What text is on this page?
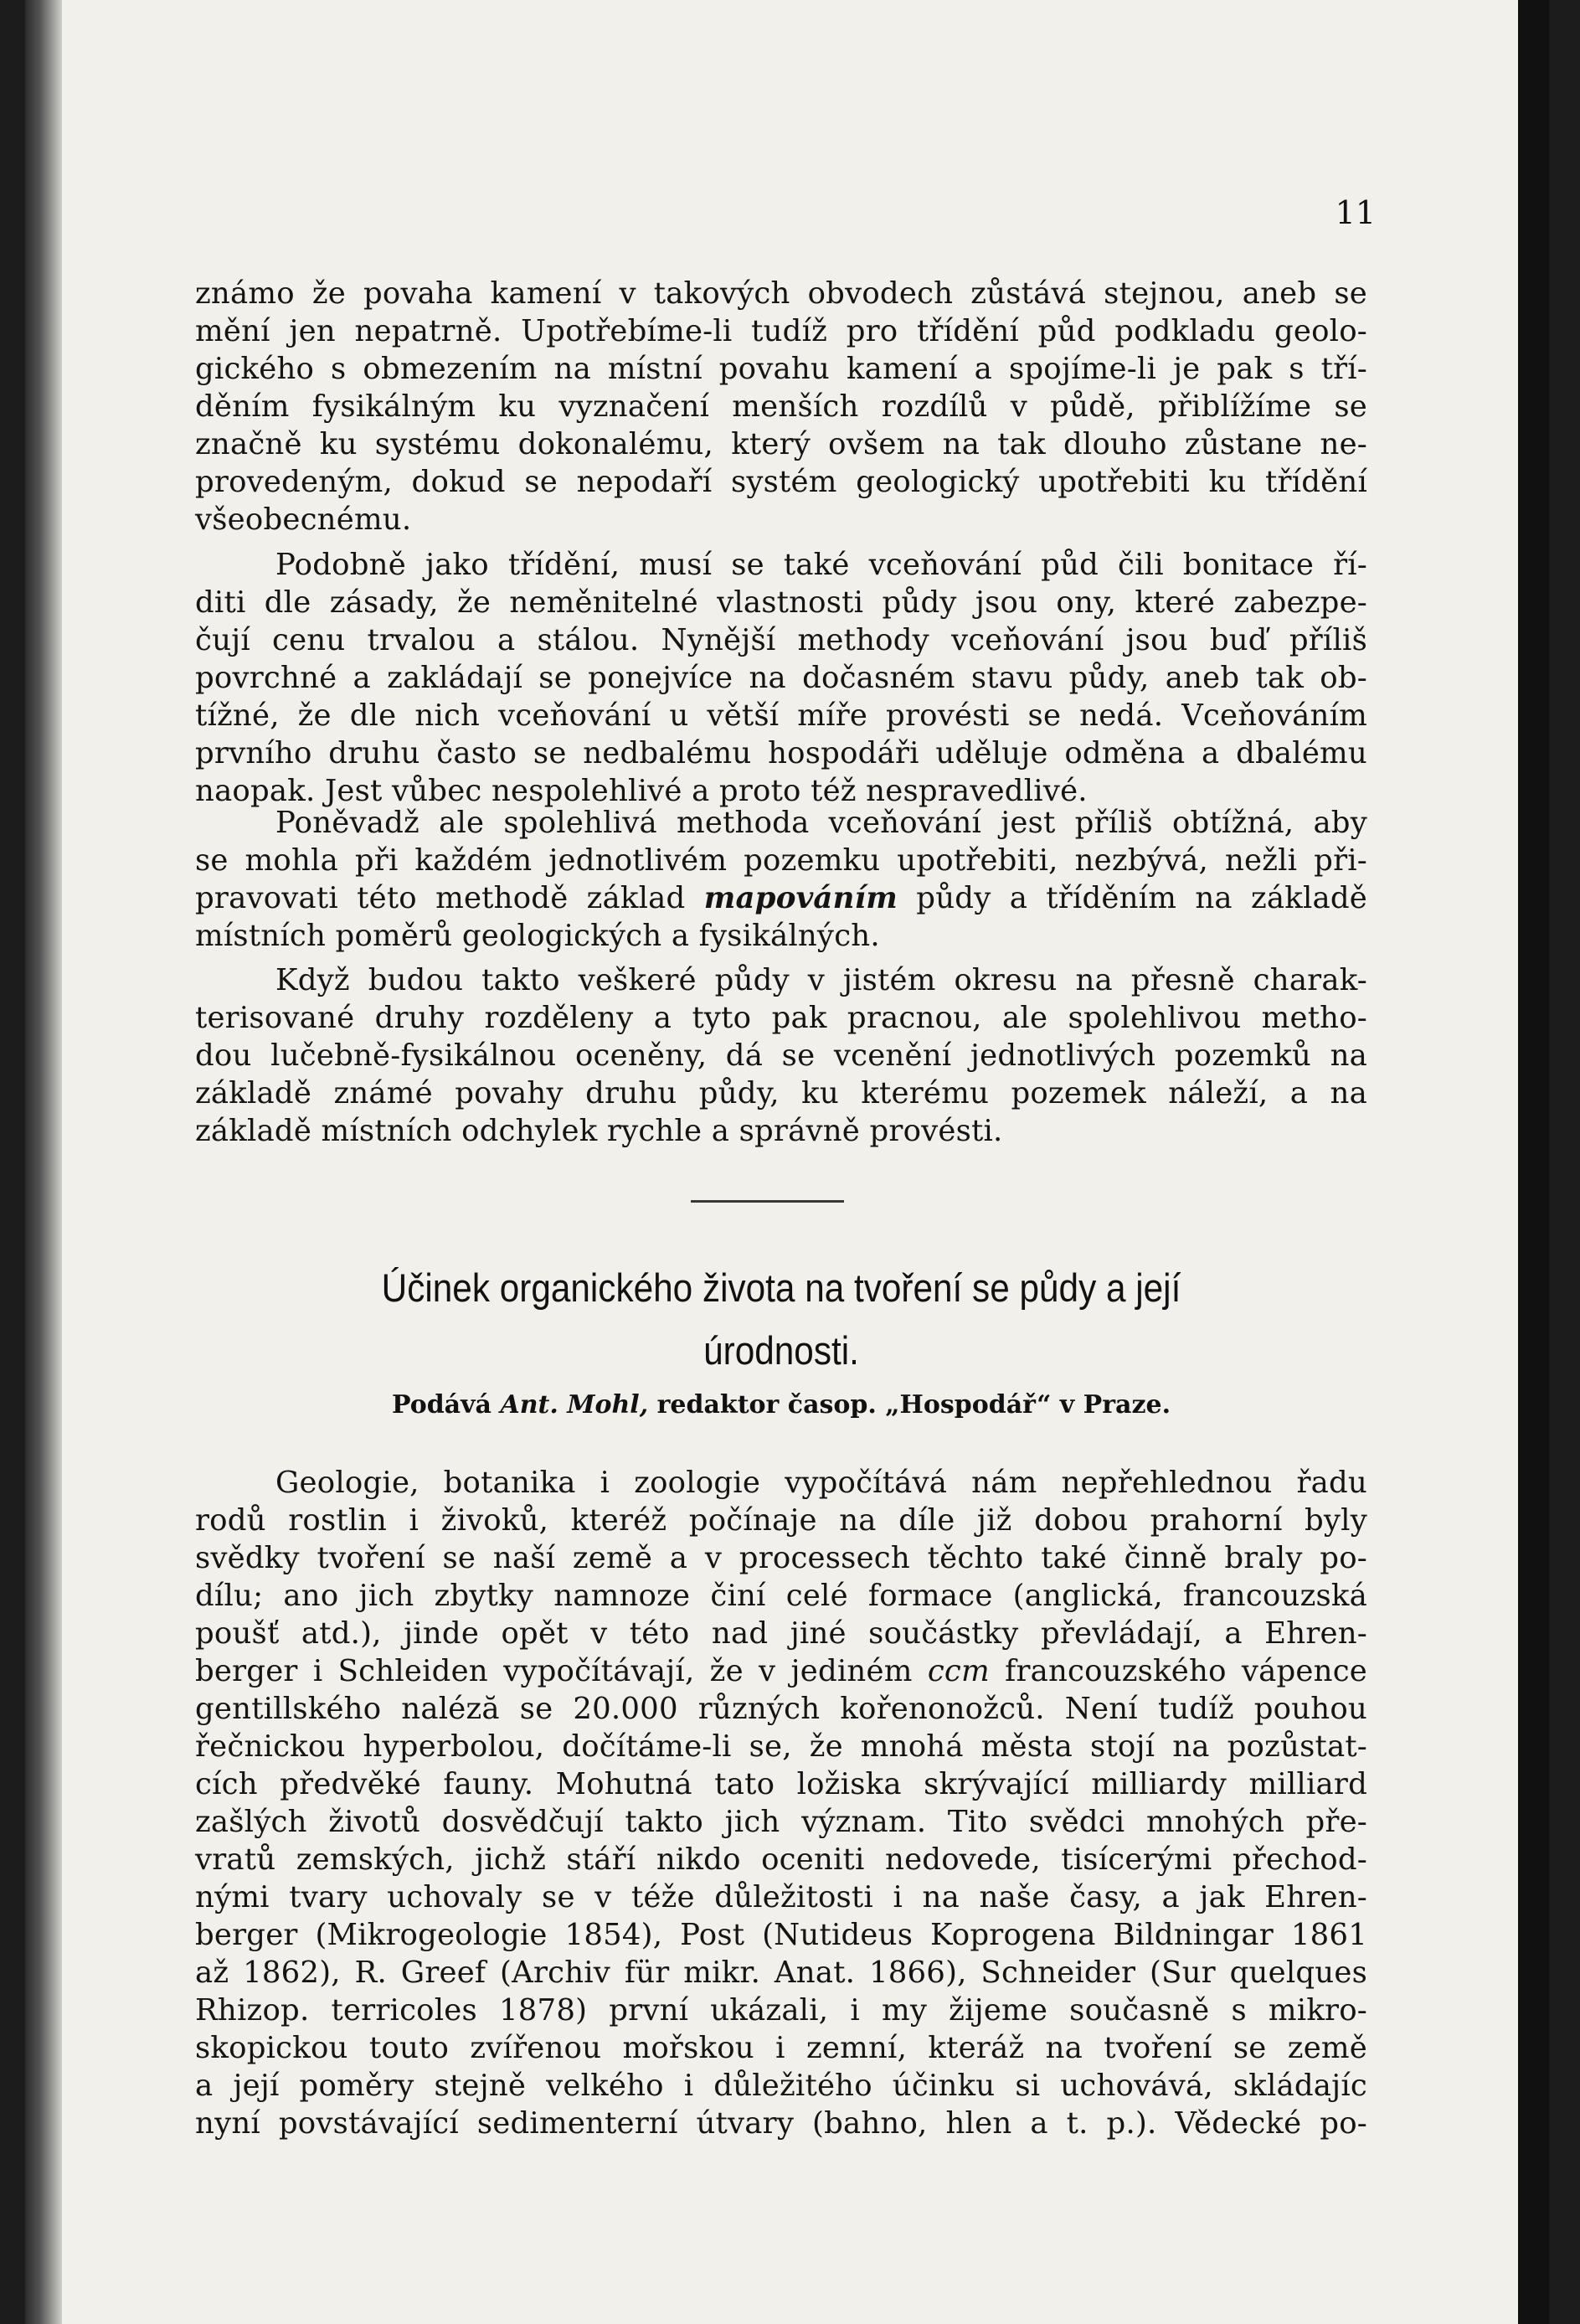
11

známo že povaha kamení v takových obvodech zůstává stejnou, aneb se

mění jen nepatrně. Upotřebíme-li tudíž pro třídění půd podkladu geolo-

gického s obmezením na místní povahu kamení a spojíme-li je pak s tří-

děním fysikálným ku vyznačení menších rozdílů v půdě, přiblížíme se

značně ku systému dokonalému, který ovšem na tak dlouho zůstane ne-

provedeným, dokud se nepodaří systém geologický upotřebiti ku třídění

všeobecnému.

Podobně jako třídění, musí se také vceňování půd čili bonitace ří-

diti dle zásady, že neměnitelné vlastnosti půdy jsou ony, které zabezpe-

čují cenu trvalou a stálou. Nynější methody vceňování jsou buď příliš

povrchné a zakládají se ponejvíce na dočasném stavu půdy, aneb tak ob-

tížné, že dle nich vceňování u větší míře provésti se nedá. Vceňováním

prvního druhu často se nedbalému hospodáři uděluje odměna a dbalému

naopak. Jest vůbec nespolehlivé a proto též nespravedlivé.

Poněvadž ale spolehlivá methoda vceňování jest příliš obtížná, aby

se mohla při každém jednotlivém pozemku upotřebiti, nezbývá, nežli při-

pravovati této methodě základ mapováním půdy a tříděním na základě

místních poměrů geologických a fysikálných.

Když budou takto veškeré půdy v jistém okresu na přesně charak-

terisované druhy rozděleny a tyto pak pracnou, ale spolehlivou metho-

dou lučebně-fysikálnou oceněny, dá se vcenění jednotlivých pozemků na

základě známé povahy druhu půdy, ku kterému pozemek náleží, a na

základě místních odchylek rychle a správně provésti.

Účinek organického života na tvoření se půdy a její
úrodnosti.
Podává Ant. Mohl, redaktor časop. „Hospodář“ v Praze.

Geologie, botanika i zoologie vypočítává nám nepřehlednou řadu

rodů rostlin i živoků, kteréž počínaje na díle již dobou prahorní byly

svědky tvoření se naší země a v processech těchto také činně braly po-

dílu; ano jich zbytky namnoze činí celé formace (anglická, francouzská

poušť atd.), jinde opět v této nad jiné součástky převládají, a Ehren-

berger i Schleiden vypočítávají, že v jediném ccm francouzského vápence

gentillského naléză se 20.000 různých kořenonožců. Není tudíž pouhou

řečnickou hyperbolou, dočítáme-li se, že mnohá města stojí na pozůstat-

cích předvěké fauny. Mohutná tato ložiska skrývající milliardy milliard

zašlých životů dosvědčují takto jich význam. Tito svědci mnohých pře-

vratů zemských, jichž stáří nikdo oceniti nedovede, tisícerými přechod-

nými tvary uchovaly se v téže důležitosti i na naše časy, a jak Ehren-

berger (Mikrogeologie 1854), Post (Nutideus Koprogena Bildningar 1861

až 1862), R. Greef (Archiv für mikr. Anat. 1866), Schneider (Sur quelques

Rhizop. terricoles 1878) první ukázali, i my žijeme současně s mikro-

skopickou touto zvířenou mořskou i zemní, kteráž na tvoření se země

a její poměry stejně velkého i důležitého účinku si uchovává, skládajíc

nyní povstávající sedimenterní útvary (bahno, hlen a t. p.). Vědecké po-
